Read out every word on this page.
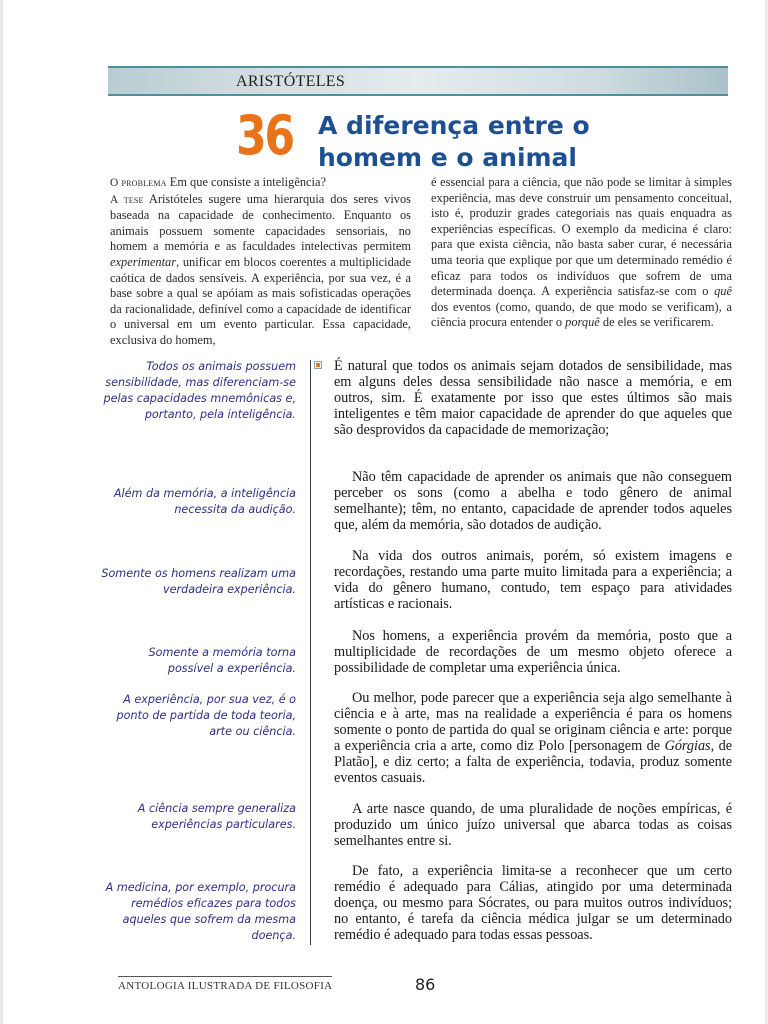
ARISTÓTELES
36 A diferença entre o
homem e o animal

O problema Em que consiste a inteligência?

A tese Aristóteles sugere uma hierarquia dos seres vivos baseada na capacidade de conhecimento. Enquanto os animais possuem somente capacidades sensoriais, no homem a memória e as faculdades intelectivas permitem experimentar, unificar em blocos coerentes a multiplicidade caótica de dados sensíveis. A experiência, por sua vez, é a base sobre a qual se apóiam as mais sofisticadas operações da racionalidade, definível como a capacidade de identificar o universal em um evento particular. Essa capacidade, exclusiva do homem,

é essencial para a ciência, que não pode se limitar à simples experiência, mas deve construir um pensamento conceitual, isto é, produzir grades categoriais nas quais enquadra as experiências específicas. O exemplo da medicina é claro: para que exista ciência, não basta saber curar, é necessária uma teoria que explique por que um determinado remédio é eficaz para todos os indivíduos que sofrem de uma determinada doença. A experiência satisfaz-se com o quê dos eventos (como, quando, de que modo se verificam), a ciência procura entender o porquê de eles se verificarem.

Todos os animais possuem sensibilidade, mas diferenciam-se pelas capacidades mnemônicas e, portanto, pela inteligência.
Além da memória, a inteligência necessita da audição.
Somente os homens realizam uma verdadeira experiência.
Somente a memória torna possível a experiência.
A experiência, por sua vez, é o ponto de partida de toda teoria, arte ou ciência.
A ciência sempre generaliza experiências particulares.
A medicina, por exemplo, procura remédios eficazes para todos aqueles que sofrem da mesma doença.

É natural que todos os animais sejam dotados de sensibilidade, mas em alguns deles dessa sensibilidade não nasce a memória, e em outros, sim. É exatamente por isso que estes últimos são mais inteligentes e têm maior capacidade de aprender do que aqueles que são desprovidos da capacidade de memorização;

Não têm capacidade de aprender os animais que não conseguem perceber os sons (como a abelha e todo gênero de animal semelhante); têm, no entanto, capacidade de aprender todos aqueles que, além da memória, são dotados de audição.

Na vida dos outros animais, porém, só existem imagens e recordações, restando uma parte muito limitada para a experiência; a vida do gênero humano, contudo, tem espaço para atividades artísticas e racionais.

Nos homens, a experiência provém da memória, posto que a multiplicidade de recordações de um mesmo objeto oferece a possibilidade de completar uma experiência única.

Ou melhor, pode parecer que a experiência seja algo semelhante à ciência e à arte, mas na realidade a experiência é para os homens somente o ponto de partida do qual se originam ciência e arte: porque a experiência cria a arte, como diz Polo [personagem de Górgias, de Platão], e diz certo; a falta de experiência, todavia, produz somente eventos casuais.

A arte nasce quando, de uma pluralidade de noções empíricas, é produzido um único juízo universal que abarca todas as coisas semelhantes entre si.

De fato, a experiência limita-se a reconhecer que um certo remédio é adequado para Cálias, atingido por uma determinada doença, ou mesmo para Sócrates, ou para muitos outros indivíduos; no entanto, é tarefa da ciência médica julgar se um determinado remédio é adequado para todas essas pessoas.

ANTOLOGIA ILUSTRADA DE FILOSOFIA	86
